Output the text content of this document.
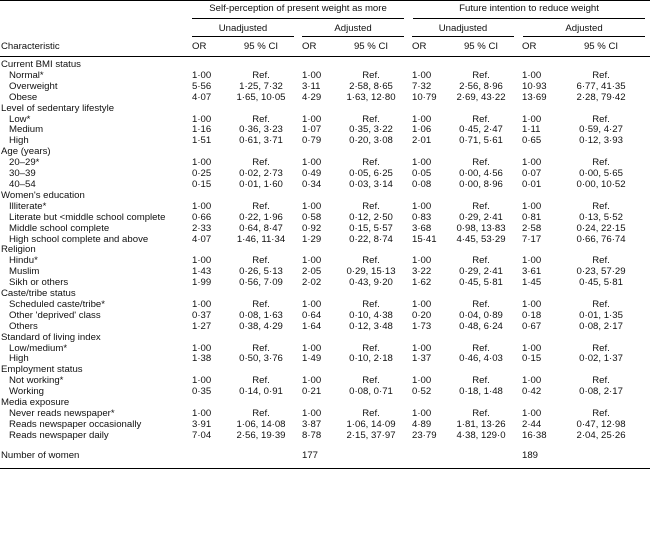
	Self-perception of present weight as more				Future intention to reduce weight			
	Unadjusted		Adjusted		Unadjusted		Adjusted	
Characteristic	OR	95 % CI	OR	95 % CI	OR	95 % CI	OR	95 % CI

Current BMI status								
Normal*	1·00	Ref.	1·00	Ref.	1·00	Ref.	1·00	Ref.
Overweight	5·56	1·25, 7·32	3·11	2·58, 8·65	7·32	2·56, 8·96	10·93	6·77, 41·35
Obese	4·07	1·65, 10·05	4·29	1·63, 12·80	10·79	2·69, 43·22	13·69	2·28, 79·42
Level of sedentary lifestyle								
Low*	1·00	Ref.	1·00	Ref.	1·00	Ref.	1·00	Ref.
Medium	1·16	0·36, 3·23	1·07	0·35, 3·22	1·06	0·45, 2·47	1·11	0·59, 4·27
High	1·51	0·61, 3·71	0·79	0·20, 3·08	2·01	0·71, 5·61	0·65	0·12, 3·93
Age (years)								
20–29*	1·00	Ref.	1·00	Ref.	1·00	Ref.	1·00	Ref.
30–39	0·25	0·02, 2·73	0·49	0·05, 6·25	0·05	0·00, 4·56	0·07	0·00, 5·65
40–54	0·15	0·01, 1·60	0·34	0·03, 3·14	0·08	0·00, 8·96	0·01	0·00, 10·52
Women's education								
Illiterate*	1·00	Ref.	1·00	Ref.	1·00	Ref.	1·00	Ref.
Literate but <middle school complete	0·66	0·22, 1·96	0·58	0·12, 2·50	0·83	0·29, 2·41	0·81	0·13, 5·52
Middle school complete	2·33	0·64, 8·47	0·92	0·15, 5·57	3·68	0·98, 13·83	2·58	0·24, 22·15
High school complete and above	4·07	1·46, 11·34	1·29	0·22, 8·74	15·41	4·45, 53·29	7·17	0·66, 76·74
Religion								
Hindu*	1·00	Ref.	1·00	Ref.	1·00	Ref.	1·00	Ref.
Muslim	1·43	0·26, 5·13	2·05	0·29, 15·13	3·22	0·29, 2·41	3·61	0·23, 57·29
Sikh or others	1·99	0·56, 7·09	2·02	0·43, 9·20	1·62	0·45, 5·81	1·45	0·45, 5·81
Caste/tribe status								
Scheduled caste/tribe*	1·00	Ref.	1·00	Ref.	1·00	Ref.	1·00	Ref.
Other 'deprived' class	0·37	0·08, 1·63	0·64	0·10, 4·38	0·20	0·04, 0·89	0·18	0·01, 1·35
Others	1·27	0·38, 4·29	1·64	0·12, 3·48	1·73	0·48, 6·24	0·67	0·08, 2·17
Standard of living index								
Low/medium*	1·00	Ref.	1·00	Ref.	1·00	Ref.	1·00	Ref.
High	1·38	0·50, 3·76	1·49	0·10, 2·18	1·37	0·46, 4·03	0·15	0·02, 1·37
Employment status								
Not working*	1·00	Ref.	1·00	Ref.	1·00	Ref.	1·00	Ref.
Working	0·35	0·14, 0·91	0·21	0·08, 0·71	0·52	0·18, 1·48	0·42	0·08, 2·17
Media exposure								
Never reads newspaper*	1·00	Ref.	1·00	Ref.	1·00	Ref.	1·00	Ref.
Reads newspaper occasionally	3·91	1·06, 14·08	3·87	1·06, 14·09	4·89	1·81, 13·26	2·44	0·47, 12·98
Reads newspaper daily	7·04	2·56, 19·39	8·78	2·15, 37·97	23·79	4·38, 129·0	16·38	2·04, 25·26
Number of women			177				189	
